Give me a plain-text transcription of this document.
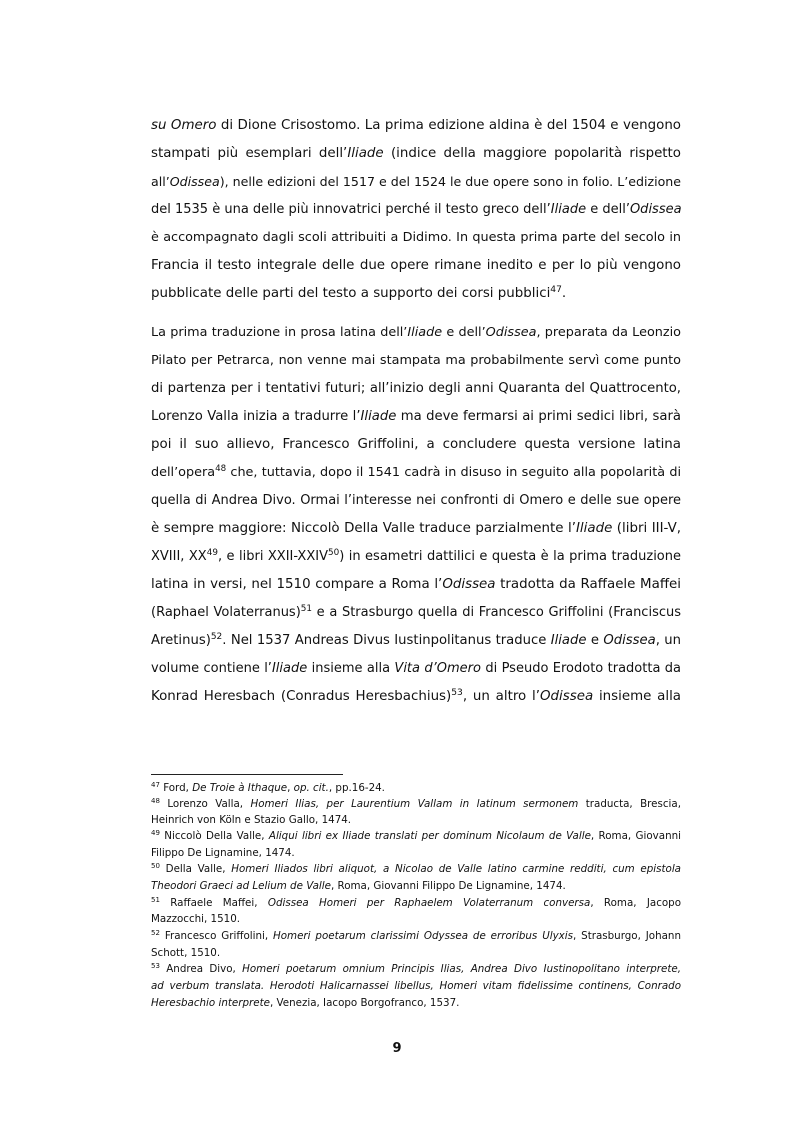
su Omero di Dione Crisostomo. La prima edizione aldina è del 1504 e vengono

stampati più esemplari dell’Iliade (indice della maggiore popolarità rispetto

all’Odissea), nelle edizioni del 1517 e del 1524 le due opere sono in folio. L’edizione

del 1535 è una delle più innovatrici perché il testo greco dell’Iliade e dell’Odissea

è accompagnato dagli scoli attribuiti a Didimo. In questa prima parte del secolo in

Francia il testo integrale delle due opere rimane inedito e per lo più vengono

pubblicate delle parti del testo a supporto dei corsi pubblici$^{47}$.

La prima traduzione in prosa latina dell’Iliade e dell’Odissea, preparata da Leonzio

Pilato per Petrarca, non venne mai stampata ma probabilmente servì come punto

di partenza per i tentativi futuri; all’inizio degli anni Quaranta del Quattrocento,

Lorenzo Valla inizia a tradurre l’Iliade ma deve fermarsi ai primi sedici libri, sarà

poi il suo allievo, Francesco Griffolini, a concludere questa versione latina

dell’opera$^{48}$ che, tuttavia, dopo il 1541 cadrà in disuso in seguito alla popolarità di

quella di Andrea Divo. Ormai l’interesse nei confronti di Omero e delle sue opere

è sempre maggiore: Niccolò Della Valle traduce parzialmente l’Iliade (libri III-V,

XVIII, XX$^{49}$, e libri XXII-XXIV$^{50}$) in esametri dattilici e questa è la prima traduzione

latina in versi, nel 1510 compare a Roma l’Odissea tradotta da Raffaele Maffei

(Raphael Volaterranus)$^{51}$ e a Strasburgo quella di Francesco Griffolini (Franciscus

Aretinus)$^{52}$. Nel 1537 Andreas Divus Iustinpolitanus traduce Iliade e Odissea, un

volume contiene l’Iliade insieme alla Vita d’Omero di Pseudo Erodoto tradotta da

Konrad Heresbach (Conradus Heresbachius)$^{53}$, un altro l’Odissea insieme alla

$^{47}$ Ford, De Troie à Ithaque, op. cit., pp.16-24.

$^{48}$ Lorenzo Valla, Homeri Ilias, per Laurentium Vallam in latinum sermonem traducta, Brescia,

Heinrich von Köln e Stazio Gallo, 1474.

$^{49}$ Niccolò Della Valle, Aliqui libri ex Iliade translati per dominum Nicolaum de Valle, Roma, Giovanni

Filippo De Lignamine, 1474.

$^{50}$ Della Valle, Homeri Iliados libri aliquot, a Nicolao de Valle latino carmine redditi, cum epistola

Theodori Graeci ad Lelium de Valle, Roma, Giovanni Filippo De Lignamine, 1474.

$^{51}$ Raffaele Maffei, Odissea Homeri per Raphaelem Volaterranum conversa, Roma, Jacopo

Mazzocchi, 1510.

$^{52}$ Francesco Griffolini, Homeri poetarum clarissimi Odyssea de erroribus Ulyxis, Strasburgo, Johann

Schott, 1510.

$^{53}$ Andrea Divo, Homeri poetarum omnium Principis Ilias, Andrea Divo Iustinopolitano interprete,

ad verbum translata. Herodoti Halicarnassei libellus, Homeri vitam fidelissime continens, Conrado

Heresbachio interprete, Venezia, Iacopo Borgofranco, 1537.

9
